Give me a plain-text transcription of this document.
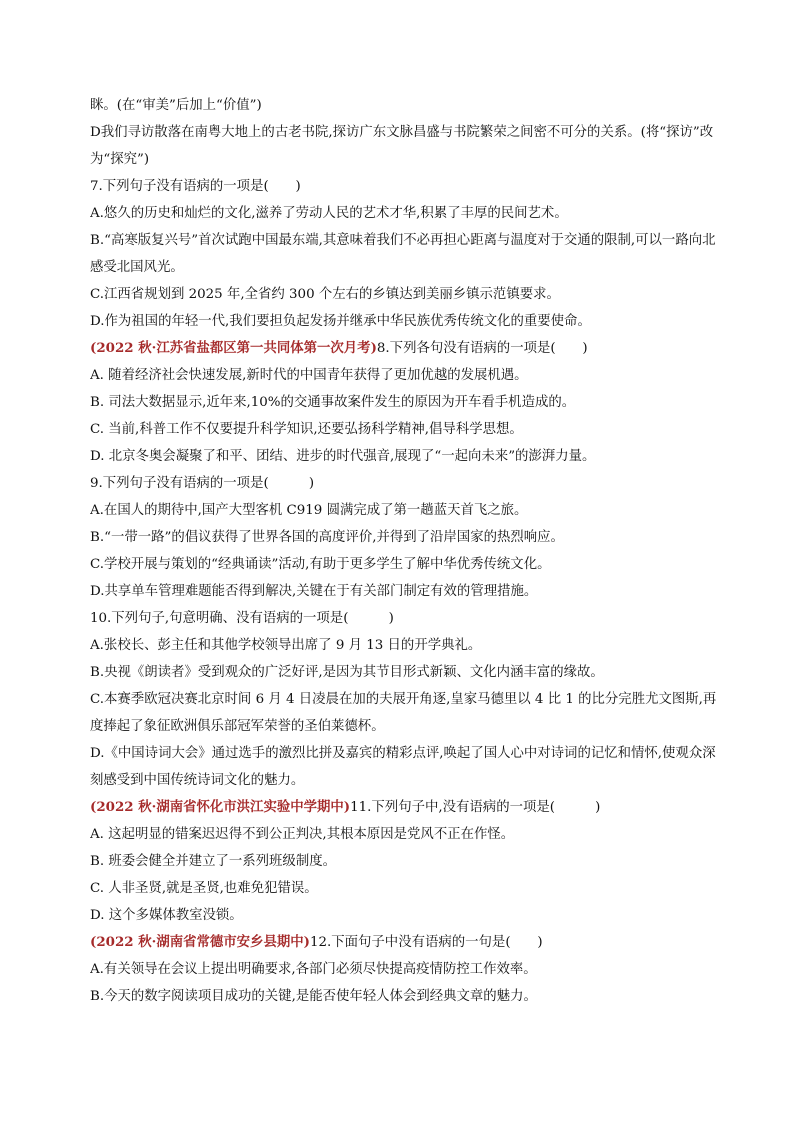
眯。(在“审美”后加上“价值”)
D我们寻访散落在南粤大地上的古老书院,探访广东文脉昌盛与书院繁荣之间密不可分的关系。(将“探访”改为“探究”)
7.下列句子没有语病的一项是(　　)
A.悠久的历史和灿烂的文化,滋养了劳动人民的艺术才华,积累了丰厚的民间艺术。
B.“高寒版复兴号”首次试跑中国最东端,其意味着我们不必再担心距离与温度对于交通的限制,可以一路向北感受北国风光。
C.江西省规划到 2025 年,全省约 300 个左右的乡镇达到美丽乡镇示范镇要求。
D.作为祖国的年轻一代,我们要担负起发扬并继承中华民族优秀传统文化的重要使命。
(2022 秋·江苏省盐都区第一共同体第一次月考)8.下列各句没有语病的一项是(　　)
A. 随着经济社会快速发展,新时代的中国青年获得了更加优越的发展机遇。
B. 司法大数据显示,近年来,10%的交通事故案件发生的原因为开车看手机造成的。
C. 当前,科普工作不仅要提升科学知识,还要弘扬科学精神,倡导科学思想。
D. 北京冬奥会凝聚了和平、团结、进步的时代强音,展现了“一起向未来”的澎湃力量。
9.下列句子没有语病的一项是(　　　)
A.在国人的期待中,国产大型客机 C919 圆满完成了第一趟蓝天首飞之旅。
B.“一带一路”的倡议获得了世界各国的高度评价,并得到了沿岸国家的热烈响应。
C.学校开展与策划的“经典诵读”活动,有助于更多学生了解中华优秀传统文化。
D.共享单车管理难题能否得到解决,关键在于有关部门制定有效的管理措施。
10.下列句子,句意明确、没有语病的一项是(　　　)
A.张校长、彭主任和其他学校领导出席了 9 月 13 日的开学典礼。
B.央视《朗读者》受到观众的广泛好评,是因为其节目形式新颖、文化内涵丰富的缘故。
C.本赛季欧冠决赛北京时间 6 月 4 日凌晨在加的夫展开角逐,皇家马德里以 4 比 1 的比分完胜尤文图斯,再度捧起了象征欧洲俱乐部冠军荣誉的圣伯莱德杯。
D.《中国诗词大会》通过选手的激烈比拼及嘉宾的精彩点评,唤起了国人心中对诗词的记忆和情怀,使观众深刻感受到中国传统诗词文化的魅力。
(2022 秋·湖南省怀化市洪江实验中学期中)11.下列句子中,没有语病的一项是(　　　)
A. 这起明显的错案迟迟得不到公正判决,其根本原因是党风不正在作怪。
B. 班委会健全并建立了一系列班级制度。
C. 人非圣贤,就是圣贤,也难免犯错误。
D. 这个多媒体教室没锁。
(2022 秋·湖南省常德市安乡县期中)12.下面句子中没有语病的一句是(　　)
A.有关领导在会议上提出明确要求,各部门必须尽快提高疫情防控工作效率。
B.今天的数字阅读项目成功的关键,是能否使年轻人体会到经典文章的魅力。
